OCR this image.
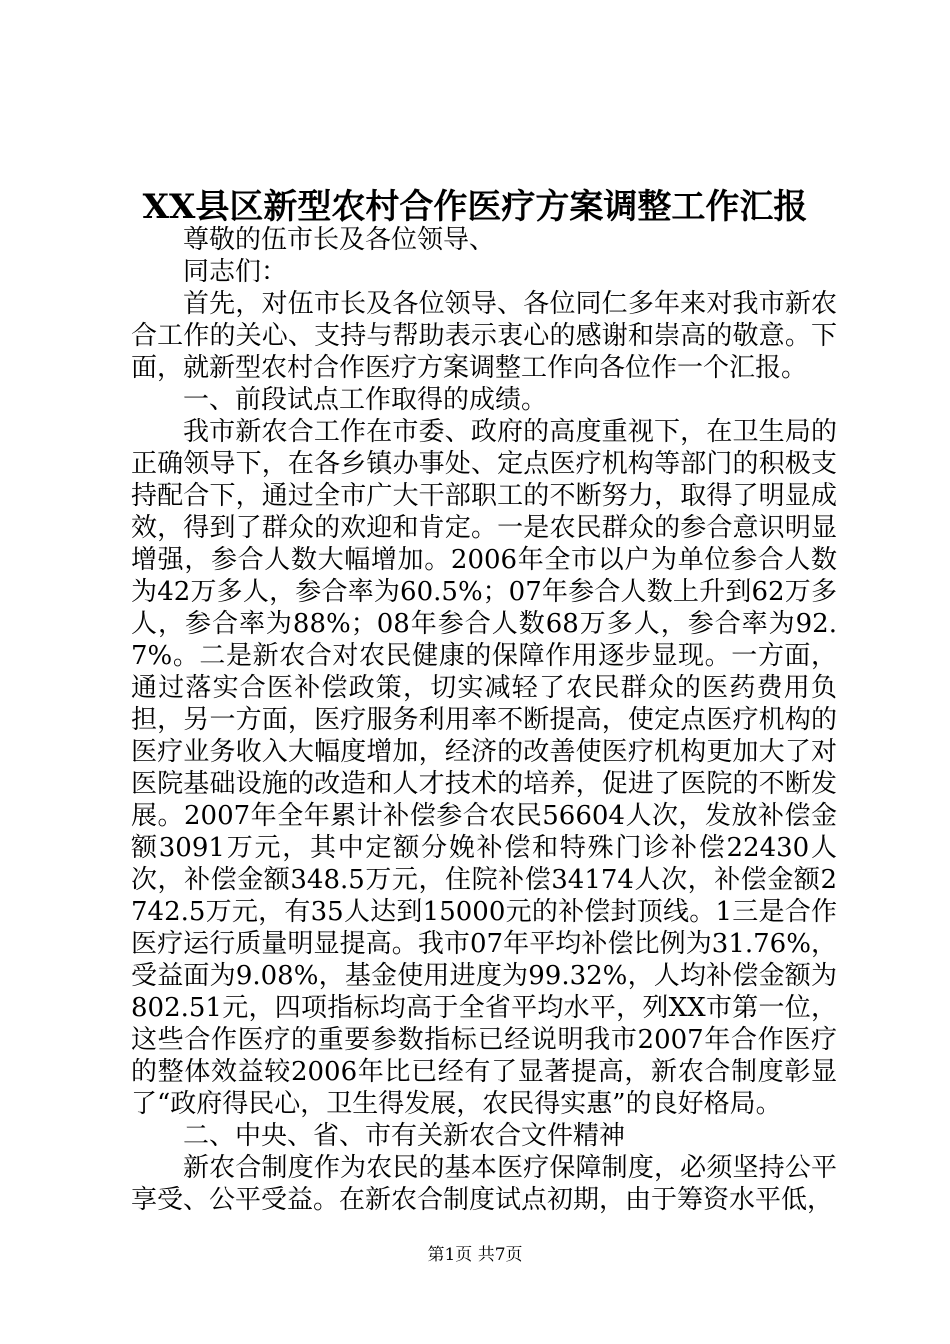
XX县区新型农村合作医疗方案调整工作汇报

尊敬的伍市长及各位领导、

同志们：

首先，对伍市长及各位领导、各位同仁多年来对我市新农合工作的关心、支持与帮助表示衷心的感谢和崇高的敬意。下面，就新型农村合作医疗方案调整工作向各位作一个汇报。

一、前段试点工作取得的成绩。

我市新农合工作在市委、政府的高度重视下，在卫生局的正确领导下，在各乡镇办事处、定点医疗机构等部门的积极支持配合下，通过全市广大干部职工的不断努力，取得了明显成效，得到了群众的欢迎和肯定。一是农民群众的参合意识明显增强，参合人数大幅增加。2006年全市以户为单位参合人数为42万多人，参合率为60.5%；07年参合人数上升到62万多人，参合率为88%；08年参合人数68万多人，参合率为92.7%。二是新农合对农民健康的保障作用逐步显现。一方面，通过落实合医补偿政策，切实减轻了农民群众的医药费用负担，另一方面，医疗服务利用率不断提高，使定点医疗机构的医疗业务收入大幅度增加，经济的改善使医疗机构更加大了对医院基础设施的改造和人才技术的培养，促进了医院的不断发展。2007年全年累计补偿参合农民56604人次，发放补偿金额3091万元，其中定额分娩补偿和特殊门诊补偿22430人次，补偿金额348.5万元，住院补偿34174人次，补偿金额2742.5万元，有35人达到15000元的补偿封顶线。1三是合作医疗运行质量明显提高。我市07年平均补偿比例为31.76%，受益面为9.08%，基金使用进度为99.32%，人均补偿金额为802.51元，四项指标均高于全省平均水平，列XX市第一位，这些合作医疗的重要参数指标已经说明我市2007年合作医疗的整体效益较2006年比已经有了显著提高，新农合制度彰显了“政府得民心，卫生得发展，农民得实惠”的良好格局。

二、中央、省、市有关新农合文件精神

新农合制度作为农民的基本医疗保障制度，必须坚持公平享受、公平受益。在新农合制度试点初期，由于筹资水平低，

第1页 共7页
